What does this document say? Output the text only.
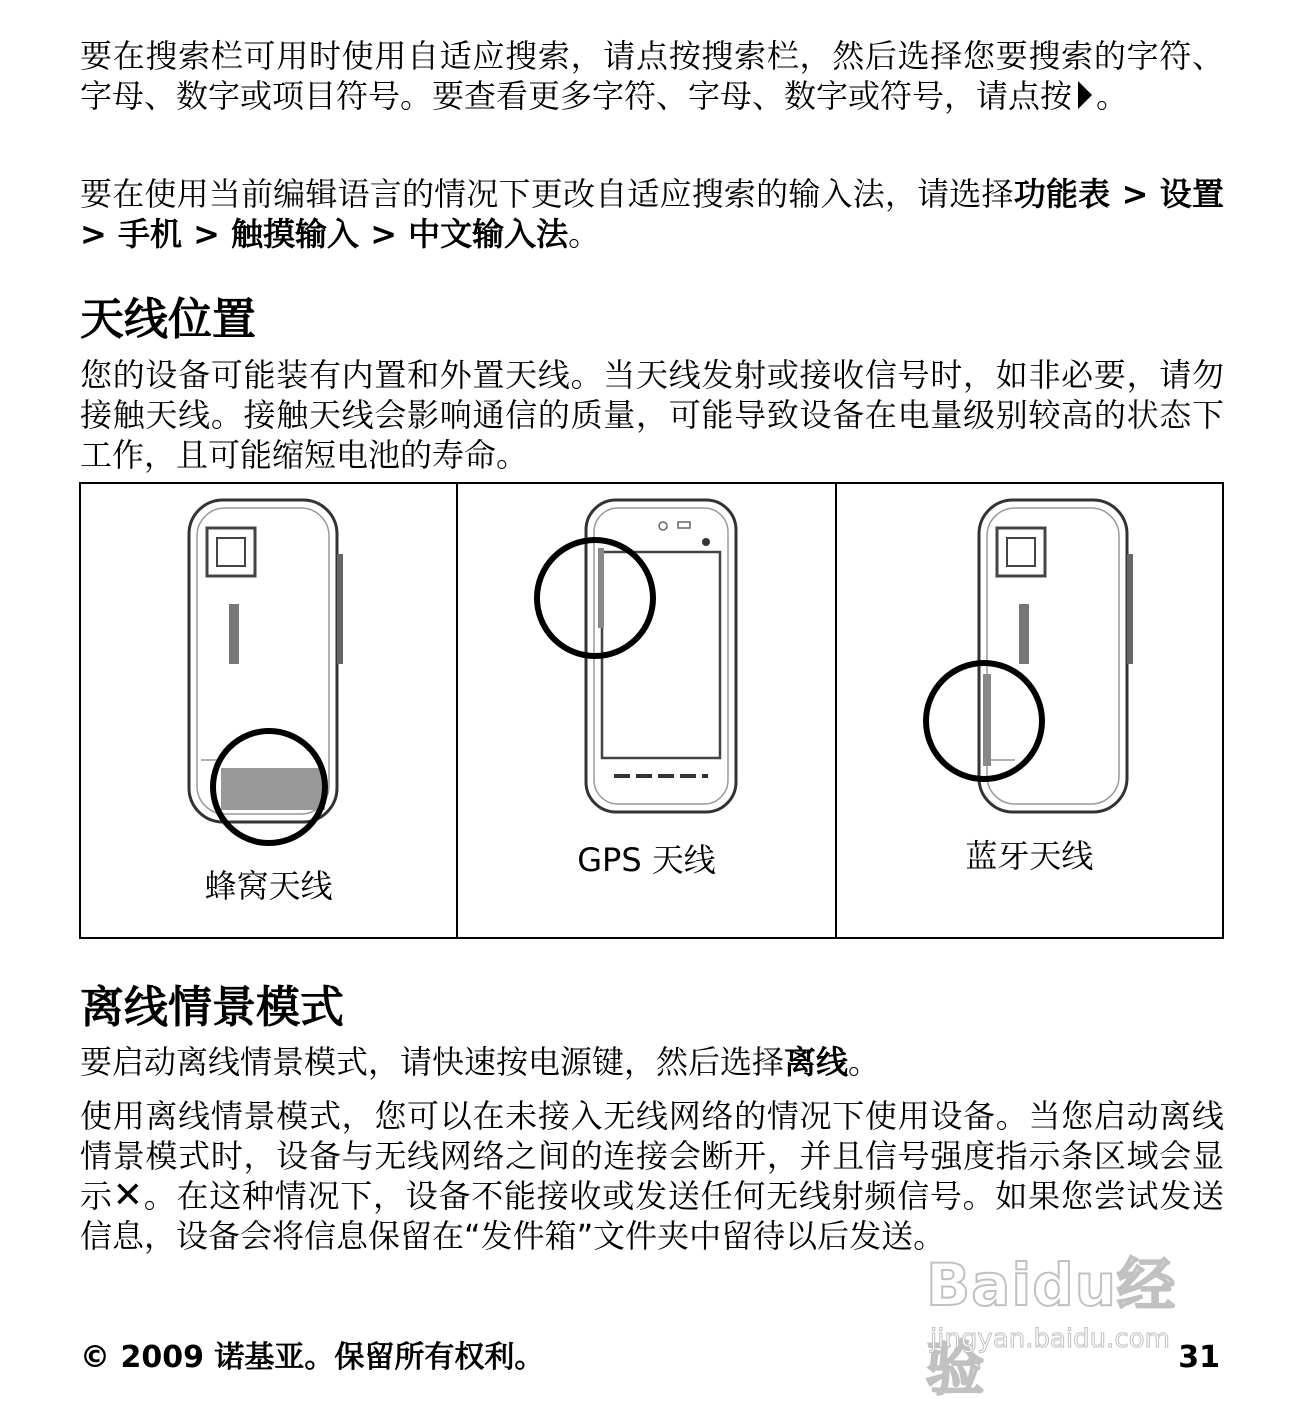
要在搜索栏可用时使用自适应搜索，请点按搜索栏，然后选择您要搜索的字符、字母、数字或项目符号。要查看更多字符、字母、数字或符号，请点按 。

要在使用当前编辑语言的情况下更改自适应搜索的输入法，请选择功能表 > 设置 > 手机 > 触摸输入 > 中文输入法。

天线位置

您的设备可能装有内置和外置天线。当天线发射或接收信号时，如非必要，请勿接触天线。接触天线会影响通信的质量，可能导致设备在电量级别较高的状态下工作，且可能缩短电池的寿命。

蜂窝天线
GPS 天线	蓝牙天线
离线情景模式

要启动离线情景模式，请快速按电源键，然后选择离线。

使用离线情景模式，您可以在未接入无线网络的情况下使用设备。当您启动离线情景模式时，设备与无线网络之间的连接会断开，并且信号强度指示条区域会显示✕。在这种情况下，设备不能接收或发送任何无线射频信号。如果您尝试发送信息，设备会将信息保留在“发件箱”文件夹中留待以后发送。

Baidu经验
jingyan.baidu.com
© 2009 诺基亚。保留所有权利。	31
